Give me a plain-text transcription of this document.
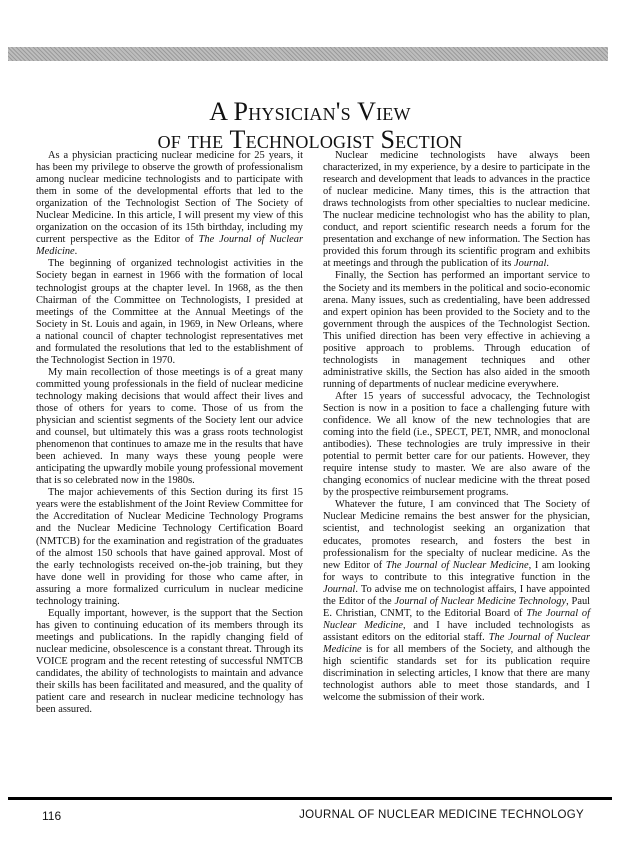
A Physician's View
of the Technologist Section

As a physician practicing nuclear medicine for 25 years, it has been my privilege to observe the growth of professionalism among nuclear medicine technologists and to participate with them in some of the developmental efforts that led to the organization of the Technologist Section of The Society of Nuclear Medicine. In this article, I will present my view of this organization on the occasion of its 15th birthday, including my current perspective as the Editor of The Journal of Nuclear Medicine.

The beginning of organized technologist activities in the Society began in earnest in 1966 with the formation of local technologist groups at the chapter level. In 1968, as the then Chairman of the Committee on Technologists, I presided at meetings of the Committee at the Annual Meetings of the Society in St. Louis and again, in 1969, in New Orleans, where a national council of chapter technologist representatives met and formulated the resolutions that led to the establishment of the Technologist Section in 1970.

My main recollection of those meetings is of a great many committed young professionals in the field of nuclear medicine technology making decisions that would affect their lives and those of others for years to come. Those of us from the physician and scientist segments of the Society lent our advice and counsel, but ultimately this was a grass roots technologist phenomenon that continues to amaze me in the results that have been achieved. In many ways these young people were anticipating the upwardly mobile young professional movement that is so celebrated now in the 1980s.

The major achievements of this Section during its first 15 years were the establishment of the Joint Review Committee for the Accreditation of Nuclear Medicine Technology Programs and the Nuclear Medicine Technology Certification Board (NMTCB) for the examination and registration of the graduates of the almost 150 schools that have gained approval. Most of the early technologists received on-the-job training, but they have done well in providing for those who came after, in assuring a more formalized curriculum in nuclear medicine technology training.

Equally important, however, is the support that the Section has given to continuing education of its members through its meetings and publications. In the rapidly changing field of nuclear medicine, obsolescence is a constant threat. Through its VOICE program and the recent retesting of successful NMTCB candidates, the ability of technologists to maintain and advance their skills has been facilitated and measured, and the quality of patient care and research in nuclear medicine technology has been assured.

Nuclear medicine technologists have always been characterized, in my experience, by a desire to participate in the research and development that leads to advances in the practice of nuclear medicine. Many times, this is the attraction that draws technologists from other specialties to nuclear medicine. The nuclear medicine technologist who has the ability to plan, conduct, and report scientific research needs a forum for the presentation and exchange of new information. The Section has provided this forum through its scientific program and exhibits at meetings and through the publication of its Journal.

Finally, the Section has performed an important service to the Society and its members in the political and socio-economic arena. Many issues, such as credentialing, have been addressed and expert opinion has been provided to the Society and to the government through the auspices of the Technologist Section. This unified direction has been very effective in achieving a positive approach to problems. Through education of technologists in management techniques and other administrative skills, the Section has also aided in the smooth running of departments of nuclear medicine everywhere.

After 15 years of successful advocacy, the Technologist Section is now in a position to face a challenging future with confidence. We all know of the new technologies that are coming into the field (i.e., SPECT, PET, NMR, and monoclonal antibodies). These technologies are truly impressive in their potential to permit better care for our patients. However, they require intense study to master. We are also aware of the changing economics of nuclear medicine with the threat posed by the prospective reimbursement programs.

Whatever the future, I am convinced that The Society of Nuclear Medicine remains the best answer for the physician, scientist, and technologist seeking an organization that educates, promotes research, and fosters the best in professionalism for the specialty of nuclear medicine. As the new Editor of The Journal of Nuclear Medicine, I am looking for ways to contribute to this integrative function in the Journal. To advise me on technologist affairs, I have appointed the Editor of the Journal of Nuclear Medicine Technology, Paul E. Christian, CNMT, to the Editorial Board of The Journal of Nuclear Medicine, and I have included technologists as assistant editors on the editorial staff. The Journal of Nuclear Medicine is for all members of the Society, and although the high scientific standards set for its publication require discrimination in selecting articles, I know that there are many technologist authors able to meet those standards, and I welcome the submission of their work.

116	JOURNAL OF NUCLEAR MEDICINE TECHNOLOGY
